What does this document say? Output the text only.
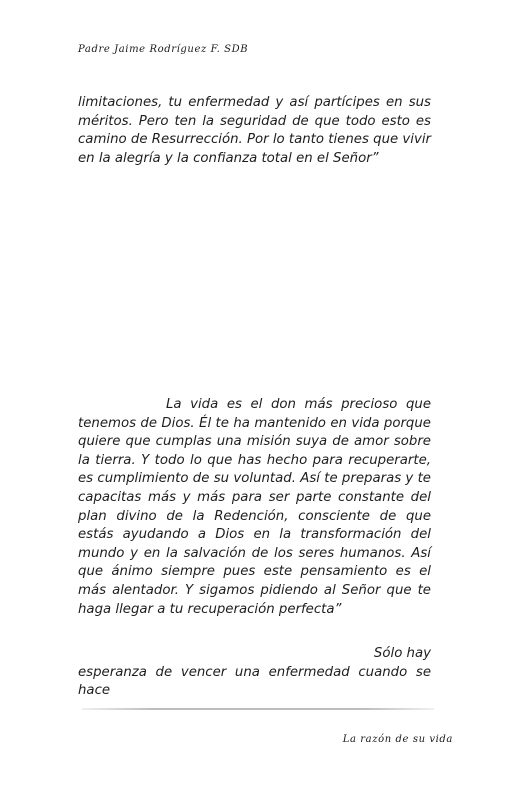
Padre Jaime Rodríguez F. SDB
limitaciones, tu enfermedad y así partícipes en sus méritos. Pero ten la seguridad de que todo esto es camino de Resurrección. Por lo tanto tienes que vivir en la alegría y la confianza total en el Señor”
La vida es el don más precioso que tenemos de Dios. Él te ha mantenido en vida porque quiere que cumplas una misión suya de amor sobre la tierra. Y todo lo que has hecho para recuperarte, es cumplimiento de su voluntad. Así te preparas y te capacitas más y más para ser parte constante del plan divino de la Redención, consciente de que estás ayudando a Dios en la transformación del mundo y en la salvación de los seres humanos. Así que ánimo siempre pues este pensamiento es el más alentador. Y sigamos pidiendo al Señor que te haga llegar a tu recuperación perfecta”
Sólo hay
esperanza de vencer una enfermedad cuando se hace
La razón de su vida
